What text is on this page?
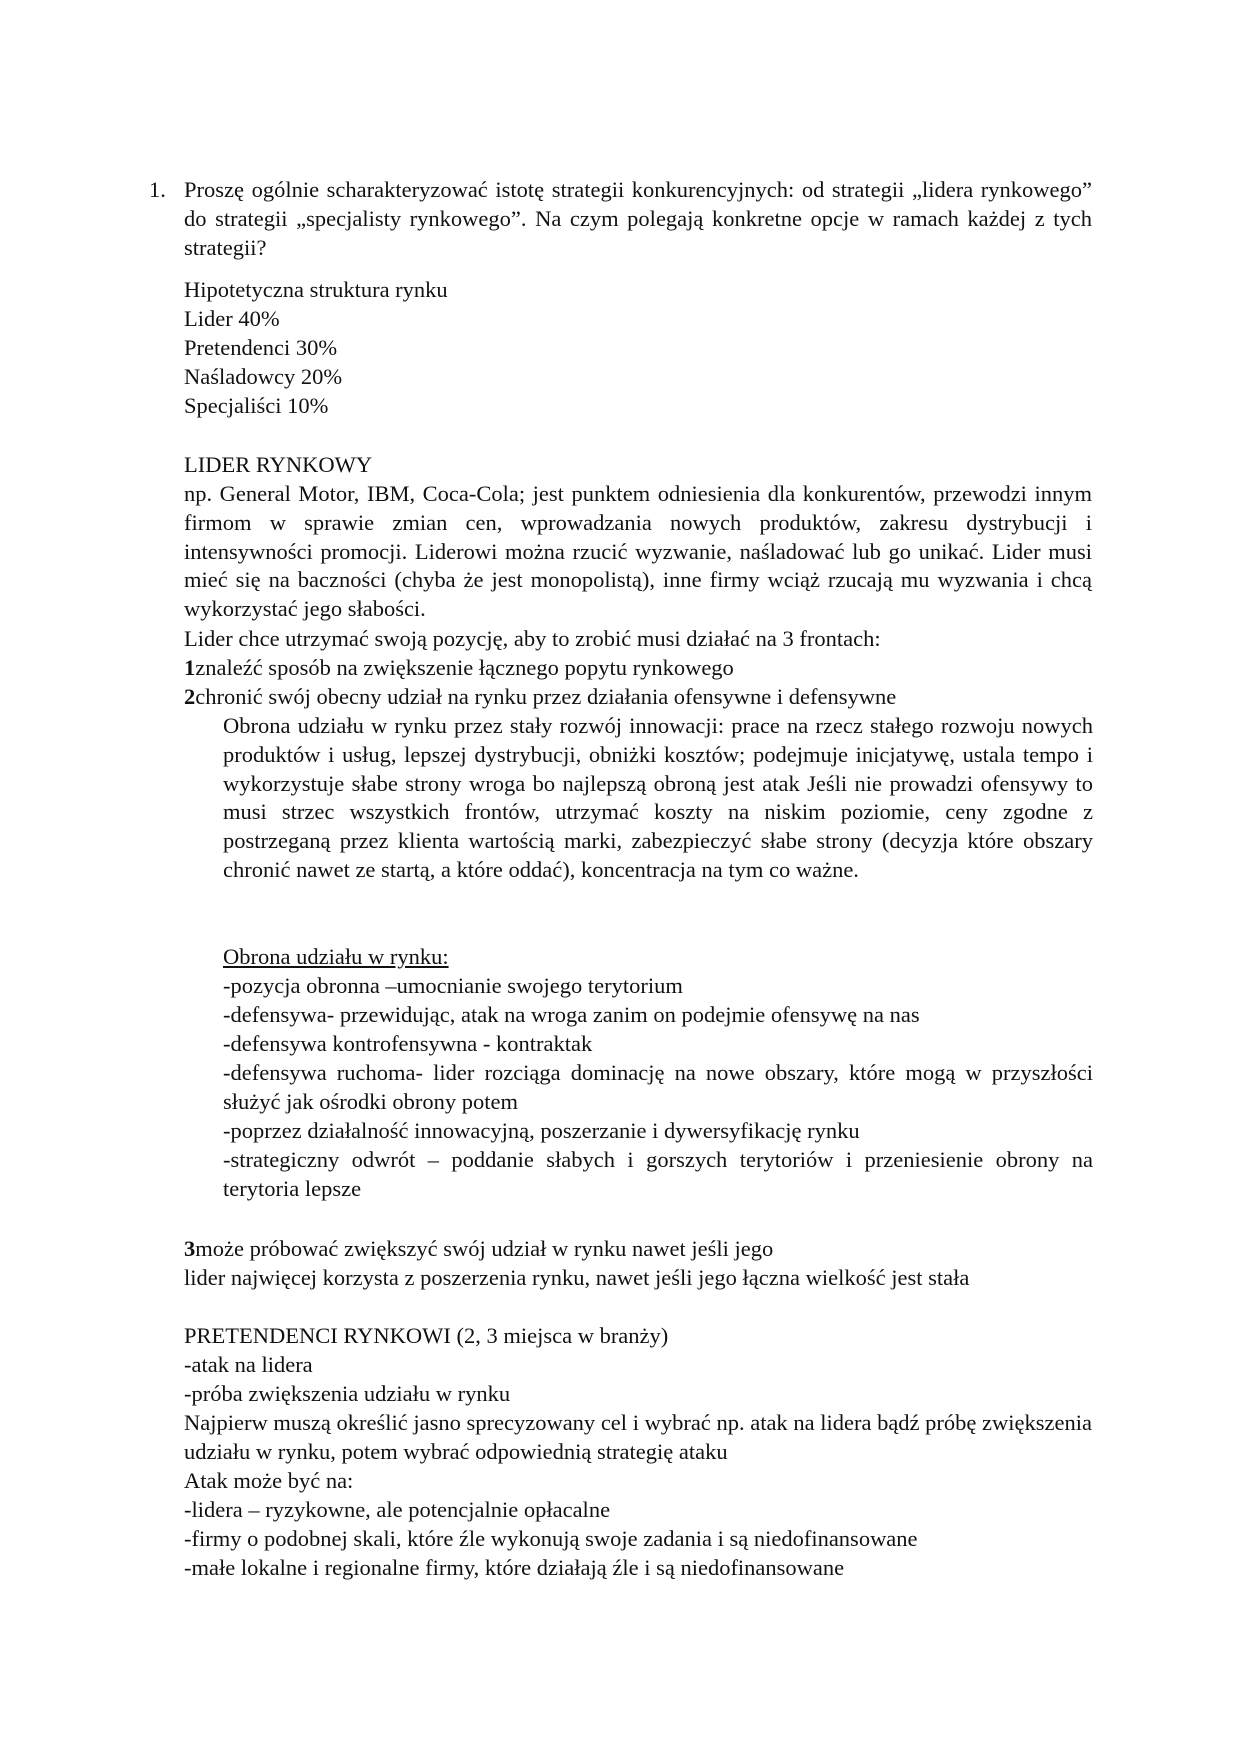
1. Proszę ogólnie scharakteryzować istotę strategii konkurencyjnych: od strategii „lidera rynkowego” do strategii „specjalisty rynkowego”. Na czym polegają konkretne opcje w ramach każdej z tych strategii?

Hipotetyczna struktura rynku

Lider 40%

Pretendenci 30%

Naśladowcy 20%

Specjaliści 10%

LIDER RYNKOWY

np. General Motor, IBM, Coca-Cola; jest punktem odniesienia dla konkurentów, przewodzi innym firmom w sprawie zmian cen, wprowadzania nowych produktów, zakresu dystrybucji i intensywności promocji. Liderowi można rzucić wyzwanie, naśladować lub go unikać. Lider musi mieć się na baczności (chyba że jest monopolistą), inne firmy wciąż rzucają mu wyzwania i chcą wykorzystać jego słabości.

Lider chce utrzymać swoją pozycję, aby to zrobić musi działać na 3 frontach:

1znaleźć sposób na zwiększenie łącznego popytu rynkowego

2chronić swój obecny udział na rynku przez działania ofensywne i defensywne

Obrona udziału w rynku przez stały rozwój innowacji: prace na rzecz stałego rozwoju nowych produktów i usług, lepszej dystrybucji, obniżki kosztów; podejmuje inicjatywę, ustala tempo i wykorzystuje słabe strony wroga bo najlepszą obroną jest atak Jeśli nie prowadzi ofensywy to musi strzec wszystkich frontów, utrzymać koszty na niskim poziomie, ceny zgodne z postrzeganą przez klienta wartością marki, zabezpieczyć słabe strony (decyzja które obszary chronić nawet ze startą, a które oddać), koncentracja na tym co ważne.

Obrona udziału w rynku:

-pozycja obronna –umocnianie swojego terytorium

-defensywa- przewidując, atak na wroga zanim on podejmie ofensywę na nas

-defensywa kontrofensywna - kontraktak

-defensywa ruchoma- lider rozciąga dominację na nowe obszary, które mogą w przyszłości służyć jak ośrodki obrony potem

-poprzez działalność innowacyjną, poszerzanie i dywersyfikację rynku

-strategiczny odwrót – poddanie słabych i gorszych terytoriów i przeniesienie obrony na terytoria lepsze

3może próbować zwiększyć swój udział w rynku nawet jeśli jego

lider najwięcej korzysta z poszerzenia rynku, nawet jeśli jego łączna wielkość jest stała

PRETENDENCI RYNKOWI (2, 3 miejsca w branży)

-atak na lidera

-próba zwiększenia udziału w rynku

Najpierw muszą określić jasno sprecyzowany cel i wybrać np. atak na lidera bądź próbę zwiększenia udziału w rynku, potem wybrać odpowiednią strategię ataku

Atak może być na:

-lidera – ryzykowne, ale potencjalnie opłacalne

-firmy o podobnej skali, które źle wykonują swoje zadania i są niedofinansowane

-małe lokalne i regionalne firmy, które działają źle i są niedofinansowane
